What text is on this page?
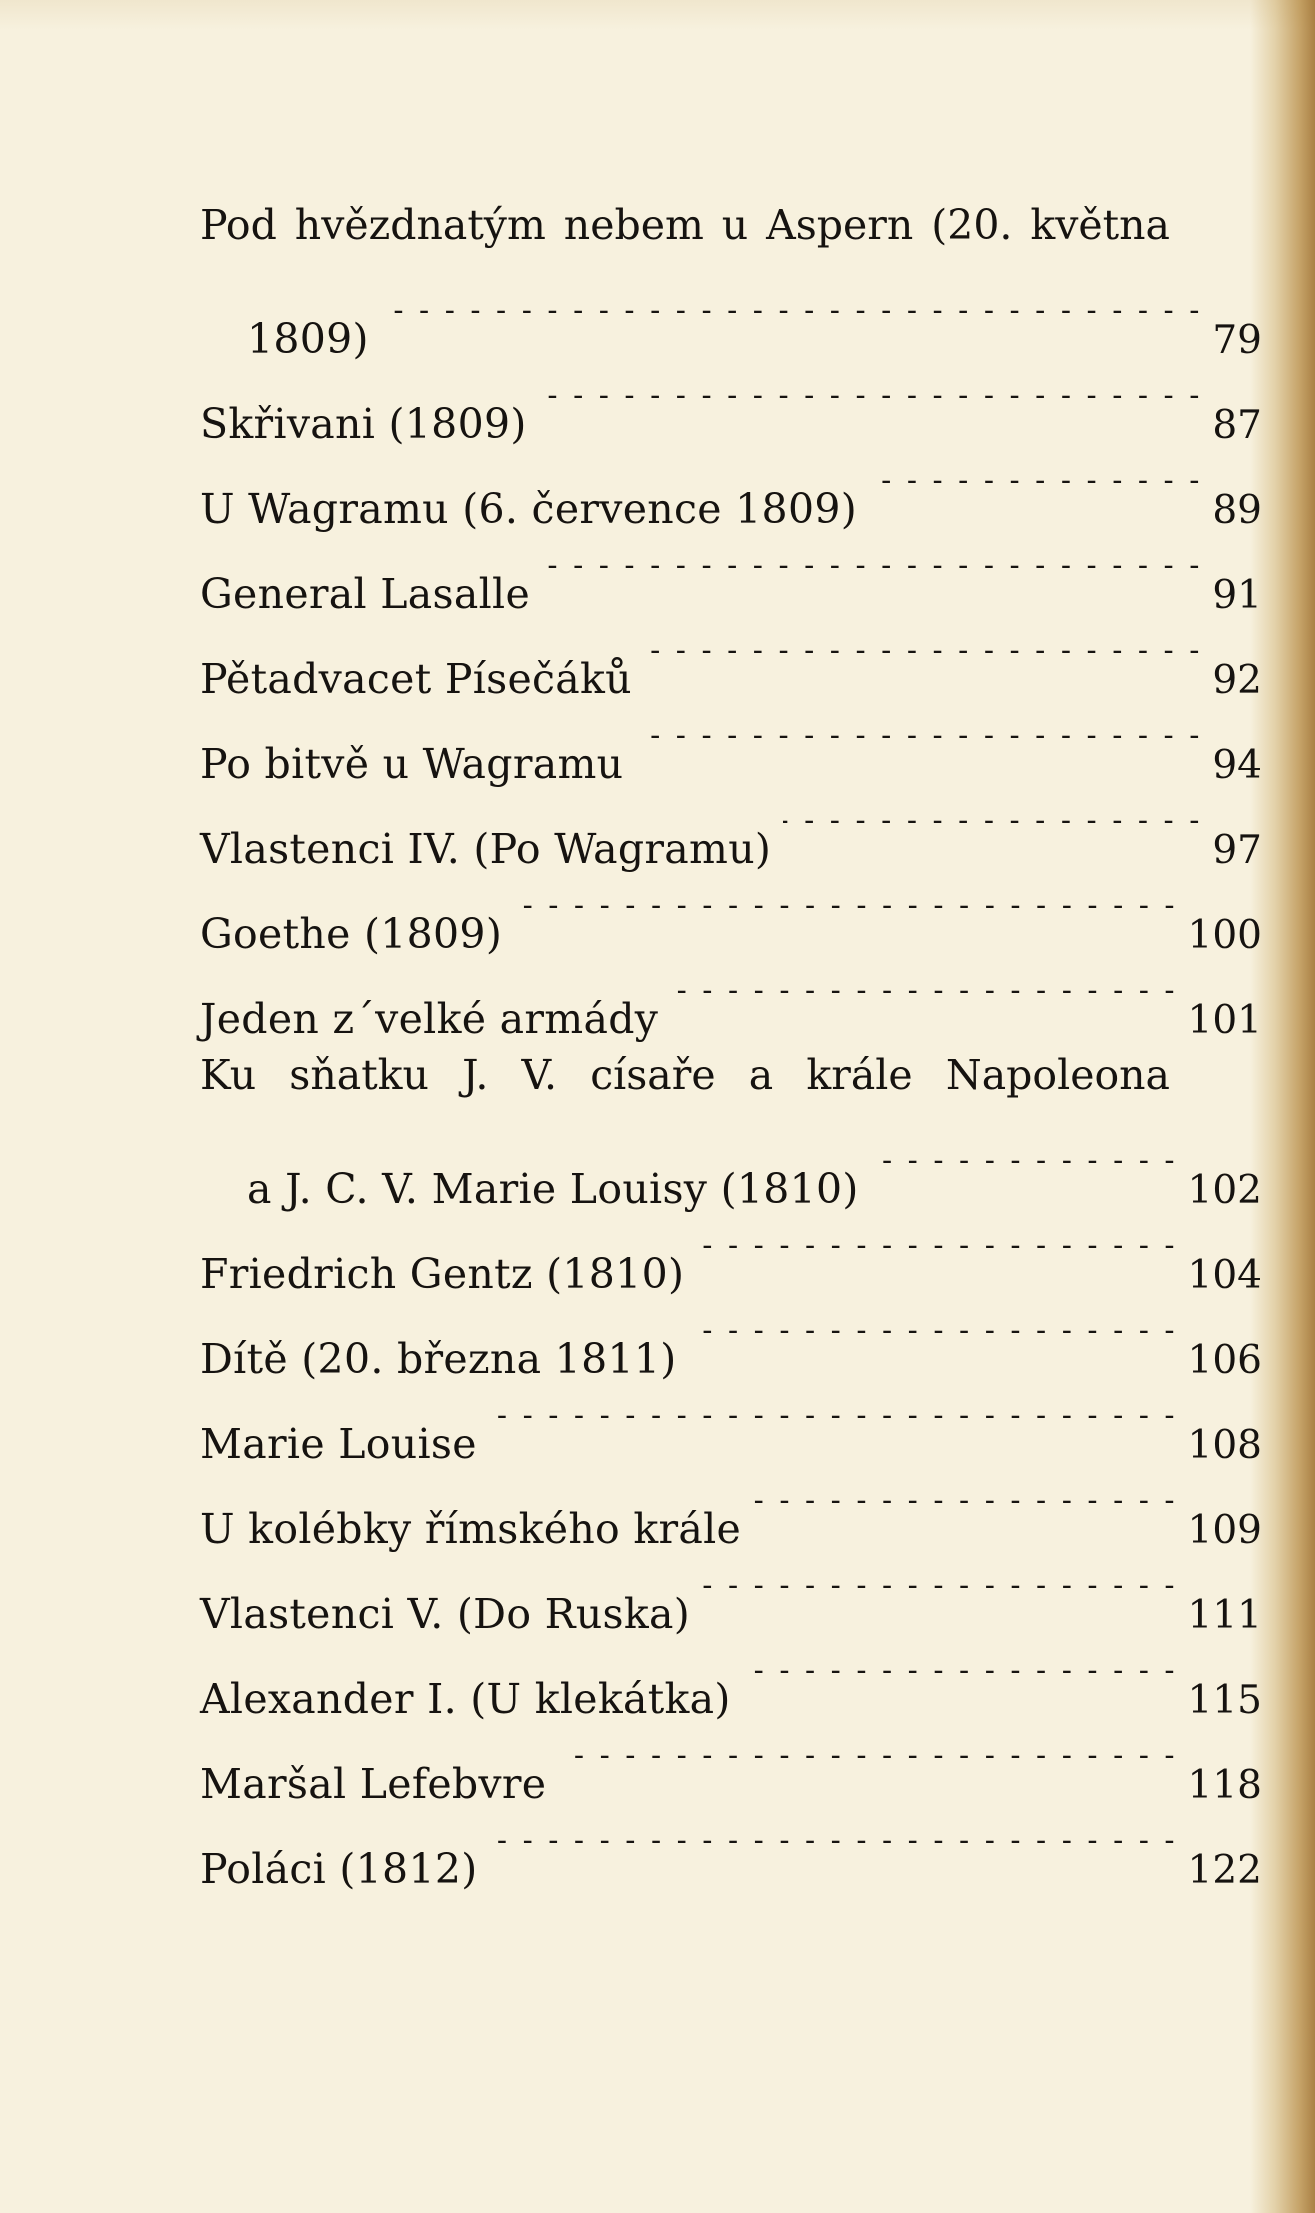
Pod hvězdnatým nebem u Aspern (20. května
1809) - - -	79
Skřivani (1809) - - -	87
U Wagramu (6. července 1809) - - -	89
General Lasalle - - -	91
Pětadvacet Písečáků - - -	92
Po bitvě u Wagramu - - -	94
Vlastenci IV. (Po Wagramu) - - -	97
Goethe (1809) - - -	100
Jeden z´velké armády - - -	101
Ku sňatku J. V. císaře a krále Napoleona
a J. C. V. Marie Louisy (1810) - - -	102
Friedrich Gentz (1810) - - -	104
Dítě (20. března 1811) - - -	106
Marie Louise - - -	108
U kolébky římského krále - - -	109
Vlastenci V. (Do Ruska) - - -	111
Alexander I. (U klekátka) - - -	115
Maršal Lefebvre - - -	118
Poláci (1812) - - -	122
